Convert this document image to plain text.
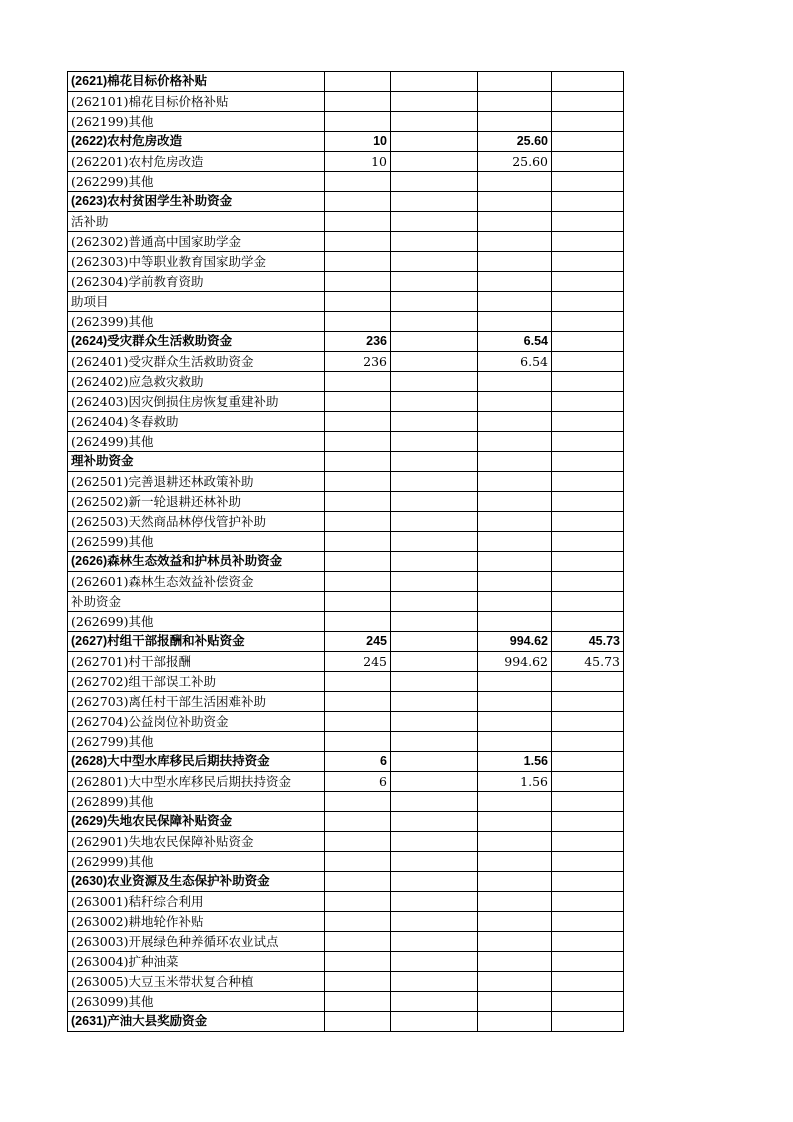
(2621)棉花目标价格补贴				
(262101)棉花目标价格补贴				
(262199)其他				
(2622)农村危房改造	10		25.60	
(262201)农村危房改造	10		25.60	
(262299)其他				
(2623)农村贫困学生补助资金				
活补助				
(262302)普通高中国家助学金				
(262303)中等职业教育国家助学金				
(262304)学前教育资助				
助项目				
(262399)其他				
(2624)受灾群众生活救助资金	236		6.54	
(262401)受灾群众生活救助资金	236		6.54	
(262402)应急救灾救助				
(262403)因灾倒损住房恢复重建补助				
(262404)冬春救助				
(262499)其他				
理补助资金				
(262501)完善退耕还林政策补助				
(262502)新一轮退耕还林补助				
(262503)天然商品林停伐管护补助				
(262599)其他				
(2626)森林生态效益和护林员补助资金				
(262601)森林生态效益补偿资金				
补助资金				
(262699)其他				
(2627)村组干部报酬和补贴资金	245		994.62	45.73
(262701)村干部报酬	245		994.62	45.73
(262702)组干部误工补助				
(262703)离任村干部生活困难补助				
(262704)公益岗位补助资金				
(262799)其他				
(2628)大中型水库移民后期扶持资金	6		1.56	
(262801)大中型水库移民后期扶持资金	6		1.56	
(262899)其他				
(2629)失地农民保障补贴资金				
(262901)失地农民保障补贴资金				
(262999)其他				
(2630)农业资源及生态保护补助资金				
(263001)秸秆综合利用				
(263002)耕地轮作补贴				
(263003)开展绿色种养循环农业试点				
(263004)扩种油菜				
(263005)大豆玉米带状复合种植				
(263099)其他				
(2631)产油大县奖励资金				
